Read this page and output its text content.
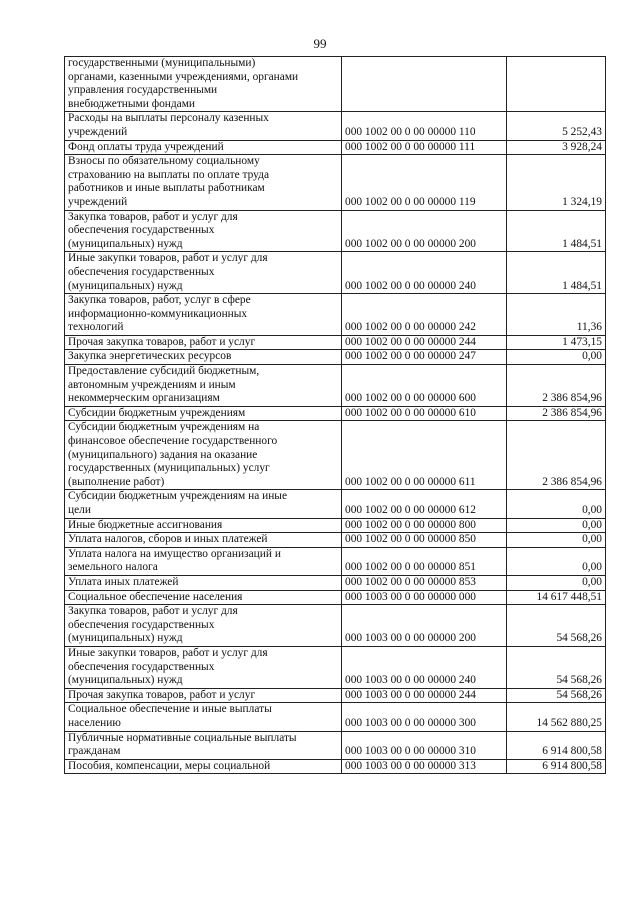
99
государственными (муниципальными)
органами, казенными учреждениями, органами
управления государственными
внебюджетными фондами		

Расходы на выплаты персоналу казенных
учреждений	000 1002 00 0 00 00000 110	5 252,43

Фонд оплаты труда учреждений	000 1002 00 0 00 00000 111	3 928,24

Взносы по обязательному социальному
страхованию на выплаты по оплате труда
работников и иные выплаты работникам
учреждений	000 1002 00 0 00 00000 119	1 324,19

Закупка товаров, работ и услуг для
обеспечения государственных
(муниципальных) нужд	000 1002 00 0 00 00000 200	1 484,51

Иные закупки товаров, работ и услуг для
обеспечения государственных
(муниципальных) нужд	000 1002 00 0 00 00000 240	1 484,51

Закупка товаров, работ, услуг в сфере
информационно-коммуникационных
технологий	000 1002 00 0 00 00000 242	11,36

Прочая закупка товаров, работ и услуг	000 1002 00 0 00 00000 244	1 473,15

Закупка энергетических ресурсов	000 1002 00 0 00 00000 247	0,00

Предоставление субсидий бюджетным,
автономным учреждениям и иным
некоммерческим организациям	000 1002 00 0 00 00000 600	2 386 854,96

Субсидии бюджетным учреждениям	000 1002 00 0 00 00000 610	2 386 854,96

Субсидии бюджетным учреждениям на
финансовое обеспечение государственного
(муниципального) задания на оказание
государственных (муниципальных) услуг
(выполнение работ)	000 1002 00 0 00 00000 611	2 386 854,96

Субсидии бюджетным учреждениям на иные
цели	000 1002 00 0 00 00000 612	0,00

Иные бюджетные ассигнования	000 1002 00 0 00 00000 800	0,00

Уплата налогов, сборов и иных платежей	000 1002 00 0 00 00000 850	0,00

Уплата налога на имущество организаций и
земельного налога	000 1002 00 0 00 00000 851	0,00

Уплата иных платежей	000 1002 00 0 00 00000 853	0,00

Социальное обеспечение населения	000 1003 00 0 00 00000 000	14 617 448,51

Закупка товаров, работ и услуг для
обеспечения государственных
(муниципальных) нужд	000 1003 00 0 00 00000 200	54 568,26

Иные закупки товаров, работ и услуг для
обеспечения государственных
(муниципальных) нужд	000 1003 00 0 00 00000 240	54 568,26

Прочая закупка товаров, работ и услуг	000 1003 00 0 00 00000 244	54 568,26

Социальное обеспечение и иные выплаты
населению	000 1003 00 0 00 00000 300	14 562 880,25

Публичные нормативные социальные выплаты
гражданам	000 1003 00 0 00 00000 310	6 914 800,58

Пособия, компенсации, меры социальной	000 1003 00 0 00 00000 313	6 914 800,58
